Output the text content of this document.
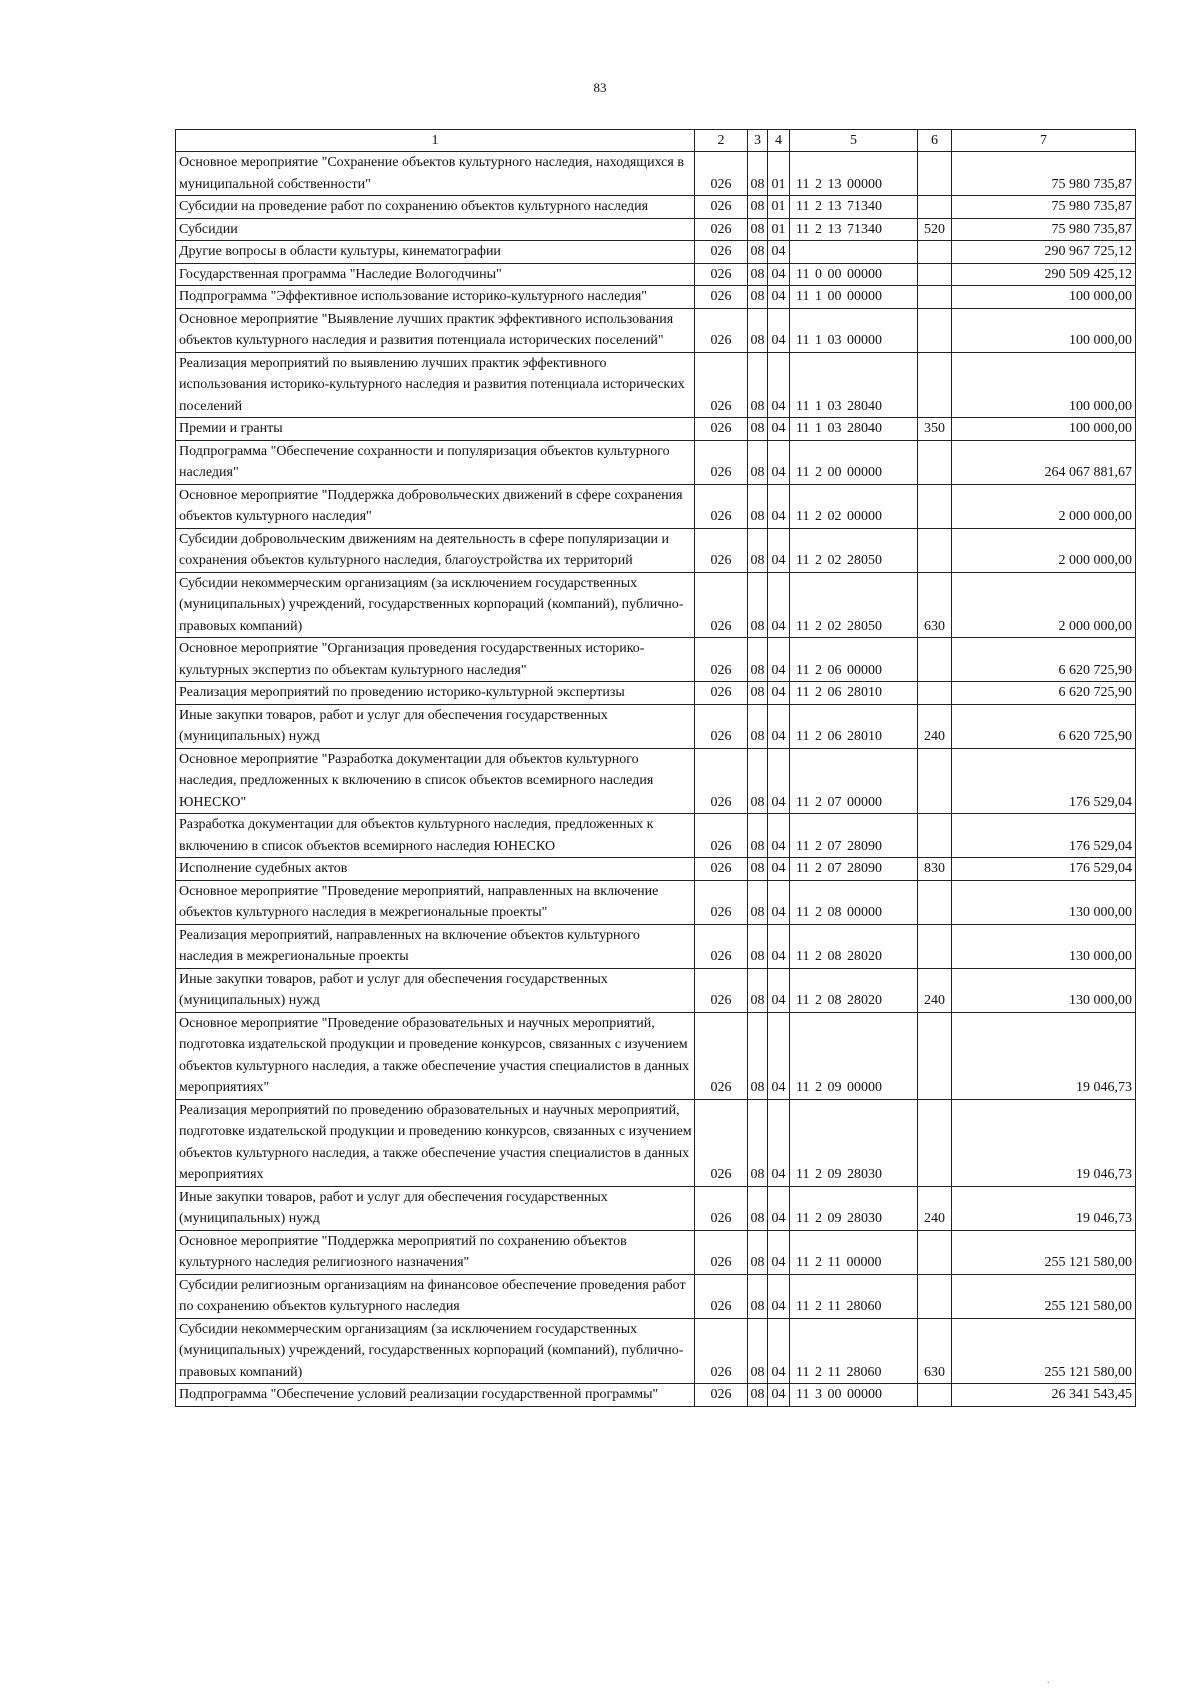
83
1	2	3	4	5	6	7
Основное мероприятие "Сохранение объектов культурного наследия, находящихся в муниципальной собственности"	026	08	01	11 2 13 00000		75 980 735,87
Субсидии на проведение работ по сохранению объектов культурного наследия	026	08	01	11 2 13 71340		75 980 735,87
Субсидии	026	08	01	11 2 13 71340	520	75 980 735,87
Другие вопросы в области культуры, кинематографии	026	08	04			290 967 725,12
Государственная программа "Наследие Вологодчины"	026	08	04	11 0 00 00000		290 509 425,12
Подпрограмма "Эффективное использование историко-культурного наследия"	026	08	04	11 1 00 00000		100 000,00
Основное мероприятие "Выявление лучших практик эффективного использования объектов культурного наследия и развития потенциала исторических поселений"	026	08	04	11 1 03 00000		100 000,00
Реализация мероприятий по выявлению лучших практик эффективного использования историко-культурного наследия и развития потенциала исторических поселений	026	08	04	11 1 03 28040		100 000,00
Премии и гранты	026	08	04	11 1 03 28040	350	100 000,00
Подпрограмма "Обеспечение сохранности и популяризация объектов культурного наследия"	026	08	04	11 2 00 00000		264 067 881,67
Основное мероприятие "Поддержка добровольческих движений в сфере сохранения объектов культурного наследия"	026	08	04	11 2 02 00000		2 000 000,00
Субсидии добровольческим движениям на деятельность в сфере популяризации и сохранения объектов культурного наследия, благоустройства их территорий	026	08	04	11 2 02 28050		2 000 000,00
Субсидии некоммерческим организациям (за исключением государственных (муниципальных) учреждений, государственных корпораций (компаний), публично-правовых компаний)	026	08	04	11 2 02 28050	630	2 000 000,00
Основное мероприятие "Организация проведения государственных историко-культурных экспертиз по объектам культурного наследия"	026	08	04	11 2 06 00000		6 620 725,90
Реализация мероприятий по проведению историко-культурной экспертизы	026	08	04	11 2 06 28010		6 620 725,90
Иные закупки товаров, работ и услуг для обеспечения государственных (муниципальных) нужд	026	08	04	11 2 06 28010	240	6 620 725,90
Основное мероприятие "Разработка документации для объектов культурного наследия, предложенных к включению в список объектов всемирного наследия ЮНЕСКО"	026	08	04	11 2 07 00000		176 529,04
Разработка документации для объектов культурного наследия, предложенных к включению в список объектов всемирного наследия ЮНЕСКО	026	08	04	11 2 07 28090		176 529,04
Исполнение судебных актов	026	08	04	11 2 07 28090	830	176 529,04
Основное мероприятие "Проведение мероприятий, направленных на включение объектов культурного наследия в межрегиональные проекты"	026	08	04	11 2 08 00000		130 000,00
Реализация мероприятий, направленных на включение объектов культурного наследия в межрегиональные проекты	026	08	04	11 2 08 28020		130 000,00
Иные закупки товаров, работ и услуг для обеспечения государственных (муниципальных) нужд	026	08	04	11 2 08 28020	240	130 000,00
Основное мероприятие "Проведение образовательных и научных мероприятий, подготовка издательской продукции и проведение конкурсов, связанных с изучением объектов культурного наследия, а также обеспечение участия специалистов в данных мероприятиях"	026	08	04	11 2 09 00000		19 046,73
Реализация мероприятий по проведению образовательных и научных мероприятий, подготовке издательской продукции и проведению конкурсов, связанных с изучением объектов культурного наследия, а также обеспечение участия специалистов в данных мероприятиях	026	08	04	11 2 09 28030		19 046,73
Иные закупки товаров, работ и услуг для обеспечения государственных (муниципальных) нужд	026	08	04	11 2 09 28030	240	19 046,73
Основное мероприятие "Поддержка мероприятий по сохранению объектов культурного наследия религиозного назначения"	026	08	04	11 2 11 00000		255 121 580,00
Субсидии религиозным организациям на финансовое обеспечение проведения работ по сохранению объектов культурного наследия	026	08	04	11 2 11 28060		255 121 580,00
Субсидии некоммерческим организациям (за исключением государственных (муниципальных) учреждений, государственных корпораций (компаний), публично-правовых компаний)	026	08	04	11 2 11 28060	630	255 121 580,00
Подпрограмма "Обеспечение условий реализации государственной программы"	026	08	04	11 3 00 00000		26 341 543,45
·
